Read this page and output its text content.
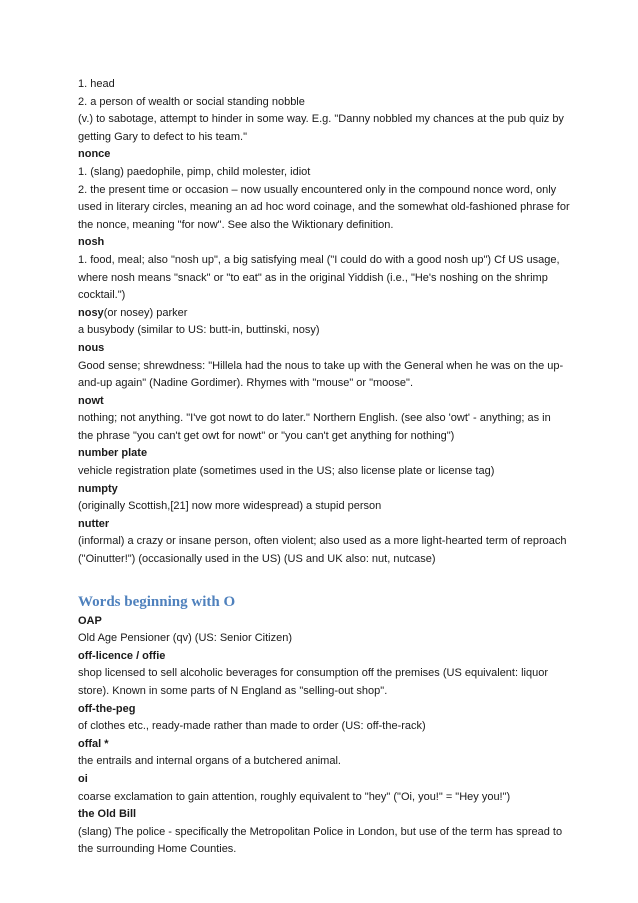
1. head
2. a person of wealth or social standing nobble
(v.) to sabotage, attempt to hinder in some way. E.g. "Danny nobbled my chances at the pub quiz by
getting Gary to defect to his team."
nonce
1. (slang) paedophile, pimp, child molester, idiot
2. the present time or occasion – now usually encountered only in the compound nonce word, only
used in literary circles, meaning an ad hoc word coinage, and the somewhat old-fashioned phrase for
the nonce, meaning "for now". See also the Wiktionary definition.
nosh
1. food, meal; also "nosh up", a big satisfying meal ("I could do with a good nosh up") Cf US usage,
where nosh means "snack" or "to eat" as in the original Yiddish (i.e., "He's noshing on the shrimp
cocktail.")
nosy(or nosey) parker
a busybody (similar to US: butt-in, buttinski, nosy)
nous
Good sense; shrewdness: "Hillela had the nous to take up with the General when he was on the up-
and-up again" (Nadine Gordimer). Rhymes with "mouse" or "moose".
nowt
nothing; not anything. "I've got nowt to do later." Northern English. (see also 'owt' - anything; as in
the phrase "you can't get owt for nowt" or "you can't get anything for nothing")
number plate
vehicle registration plate (sometimes used in the US; also license plate or license tag)
numpty
(originally Scottish,[21] now more widespread) a stupid person
nutter
(informal) a crazy or insane person, often violent; also used as a more light-hearted term of reproach
("Oinutter!") (occasionally used in the US) (US and UK also: nut, nutcase)
Words beginning with O
OAP
Old Age Pensioner (qv) (US: Senior Citizen)
off-licence / offie
shop licensed to sell alcoholic beverages for consumption off the premises (US equivalent: liquor
store). Known in some parts of N England as "selling-out shop".
off-the-peg
of clothes etc., ready-made rather than made to order (US: off-the-rack)
offal *
the entrails and internal organs of a butchered animal.
oi
coarse exclamation to gain attention, roughly equivalent to "hey" ("Oi, you!" = "Hey you!")
the Old Bill
(slang) The police - specifically the Metropolitan Police in London, but use of the term has spread to
the surrounding Home Counties.
